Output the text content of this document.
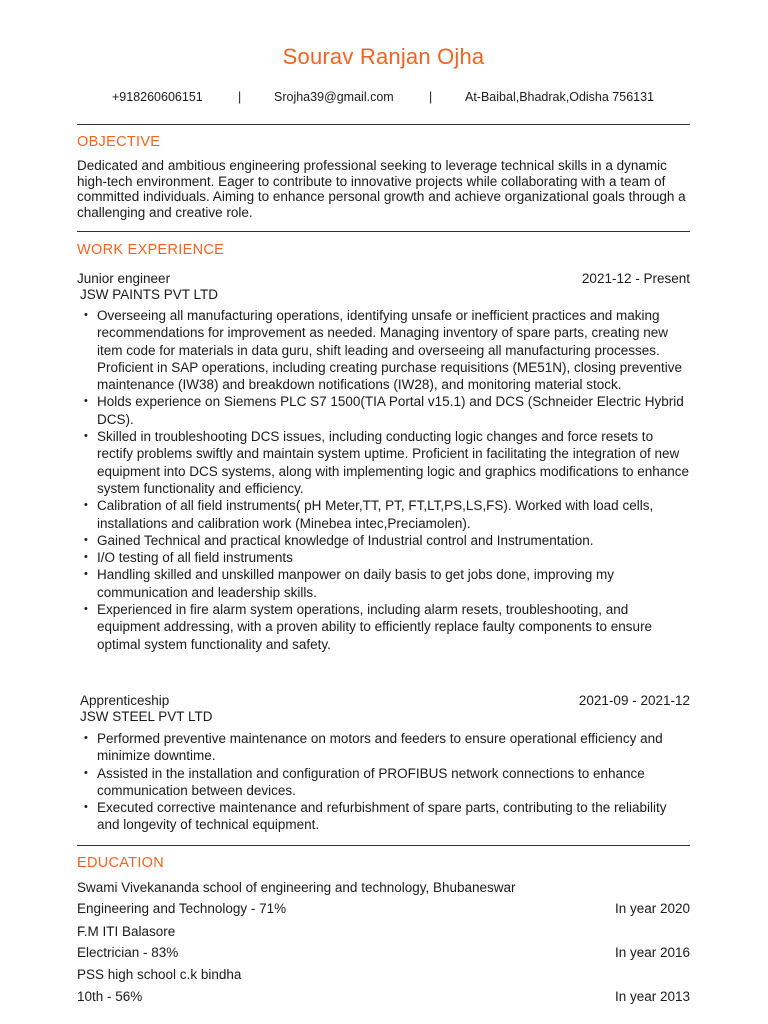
Sourav Ranjan Ojha
+918260606151	|	Srojha39@gmail.com	|	At-Baibal,Bhadrak,Odisha 756131
OBJECTIVE
Dedicated and ambitious engineering professional seeking to leverage technical skills in a dynamic high-tech environment. Eager to contribute to innovative projects while collaborating with a team of committed individuals. Aiming to enhance personal growth and achieve organizational goals through a challenging and creative role.
WORK EXPERIENCE
Junior engineer	2021-12 - Present
JSW PAINTS PVT LTD
• Overseeing all manufacturing operations, identifying unsafe or inefficient practices and making recommendations for improvement as needed. Managing inventory of spare parts, creating new item code for materials in data guru, shift leading and overseeing all manufacturing processes. Proficient in SAP operations, including creating purchase requisitions (ME51N), closing preventive maintenance (IW38) and breakdown notifications (IW28), and monitoring material stock.
• Holds experience on Siemens PLC S7 1500(TIA Portal v15.1) and DCS (Schneider Electric Hybrid DCS).
• Skilled in troubleshooting DCS issues, including conducting logic changes and force resets to rectify problems swiftly and maintain system uptime. Proficient in facilitating the integration of new equipment into DCS systems, along with implementing logic and graphics modifications to enhance system functionality and efficiency.
• Calibration of all field instruments( pH Meter,TT, PT, FT,LT,PS,LS,FS). Worked with load cells, installations and calibration work (Minebea intec,Preciamolen).
• Gained Technical and practical knowledge of Industrial control and Instrumentation.
• I/O testing of all field instruments
• Handling skilled and unskilled manpower on daily basis to get jobs done, improving my communication and leadership skills.
• Experienced in fire alarm system operations, including alarm resets, troubleshooting, and equipment addressing, with a proven ability to efficiently replace faulty components to ensure optimal system functionality and safety.
Apprenticeship	2021-09 - 2021-12
JSW STEEL PVT LTD
• Performed preventive maintenance on motors and feeders to ensure operational efficiency and minimize downtime.
• Assisted in the installation and configuration of PROFIBUS network connections to enhance communication between devices.
• Executed corrective maintenance and refurbishment of spare parts, contributing to the reliability and longevity of technical equipment.
EDUCATION
Swami Vivekananda school of engineering and technology, Bhubaneswar
Engineering and Technology - 71%	In year 2020
F.M ITI Balasore
Electrician - 83%	In year 2016
PSS high school c.k bindha
10th - 56%	In year 2013
